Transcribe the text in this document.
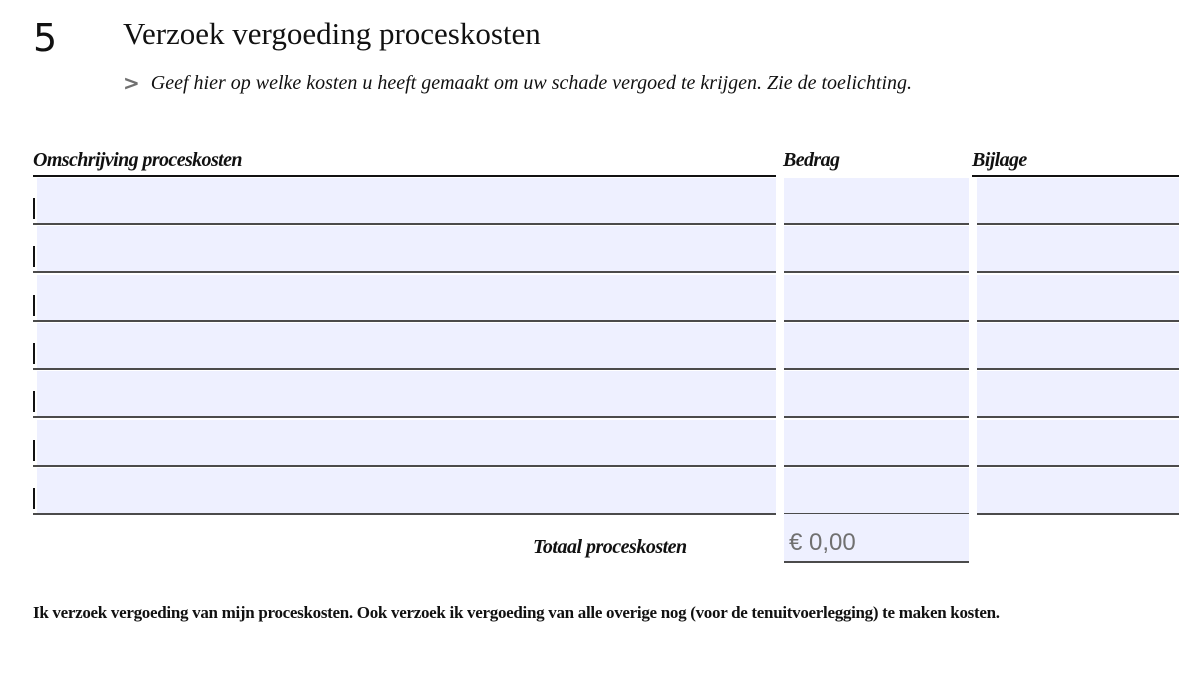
5 Verzoek vergoeding proceskosten
> Geef hier op welke kosten u heeft gemaakt om uw schade vergoed te krijgen. Zie de toelichting.
Omschrijving proceskosten	Bedrag	Bijlage
Totaal proceskosten	€ 0,00
Ik verzoek vergoeding van mijn proceskosten. Ook verzoek ik vergoeding van alle overige nog (voor de tenuitvoerlegging) te maken kosten.
